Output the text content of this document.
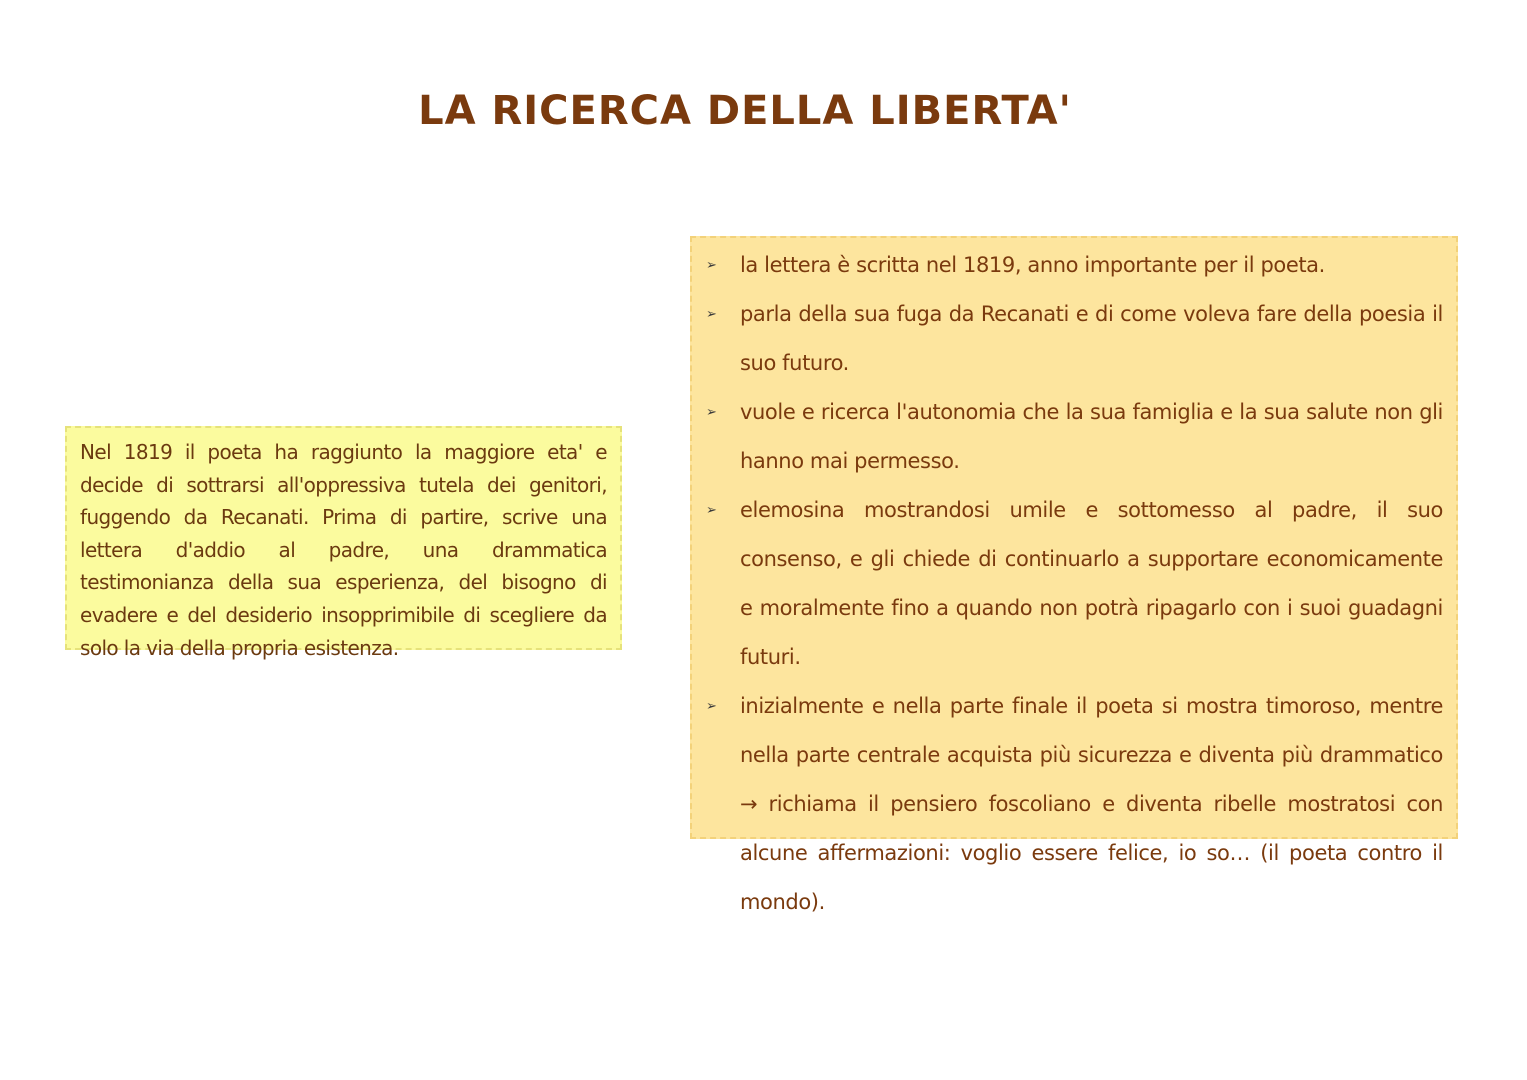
LA RICERCA DELLA LIBERTA'

Nel 1819 il poeta ha raggiunto la maggiore eta' e decide di sottrarsi all'oppressiva tutela dei genitori, fuggendo da Recanati. Prima di partire, scrive una lettera d'addio al padre, una drammatica testimonianza della sua esperienza, del bisogno di evadere e del desiderio insopprimibile di scegliere da solo la via della propria esistenza.

➢	la lettera è scritta nel 1819, anno importante per il poeta.
➢	parla della sua fuga da Recanati e di come voleva fare della poesia il suo futuro.
➢	vuole e ricerca l'autonomia che la sua famiglia e la sua salute non gli hanno mai permesso.
➢	elemosina mostrandosi umile e sottomesso al padre, il suo consenso, e gli chiede di continuarlo a supportare economicamente e moralmente fino a quando non potrà ripagarlo con i suoi guadagni futuri.
➢	inizialmente e nella parte finale il poeta si mostra timoroso, mentre nella parte centrale acquista più sicurezza e diventa più drammatico → richiama il pensiero foscoliano e diventa ribelle mostratosi con alcune affermazioni: voglio essere felice, io so… (il poeta contro il mondo).
